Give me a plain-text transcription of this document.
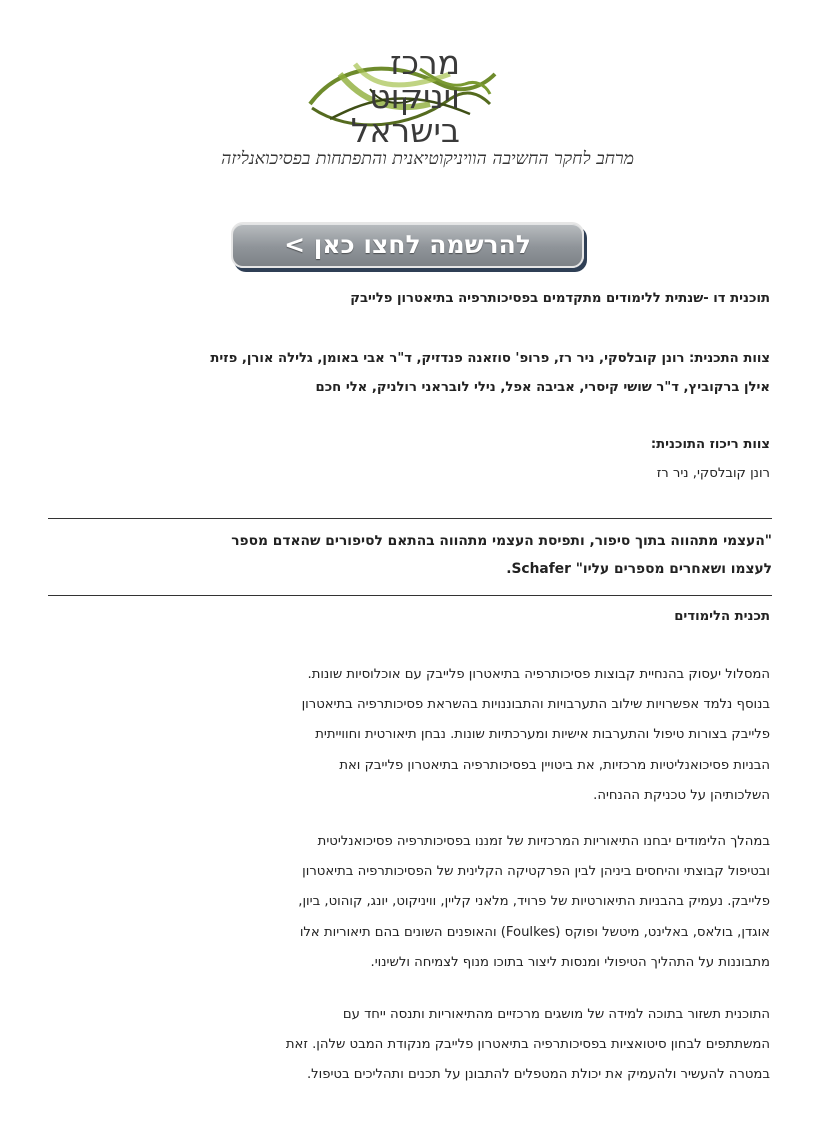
מרכז
ויניקוט
בישראל
מרחב לחקר החשיבה הוויניקוטיאנית והתפתחות בפסיכואנליזה
להרשמה לחצו כאן >
תוכנית דו -שנתית ללימודים מתקדמים בפסיכותרפיה בתיאטרון פלייבק
צוות התכנית: רונן קובלסקי, ניר רז, פרופ' סוזאנה פנדזיק, ד"ר אבי באומן, גלילה אורן, פזית
אילן ברקוביץ, ד"ר שושי קיסרי, אביבה אפל, נילי לובראני רולניק, אלי חכם
צוות ריכוז התוכנית:
רונן קובלסקי, ניר רז
"העצמי מתהווה בתוך סיפור, ותפיסת העצמי מתהווה בהתאם לסיפורים שהאדם מספר
לעצמו ושאחרים מספרים עליו" Schafer.
תכנית הלימודים
המסלול יעסוק בהנחיית קבוצות פסיכותרפיה בתיאטרון פלייבק עם אוכלוסיות שונות.
בנוסף נלמד אפשרויות שילוב התערבויות והתבוננויות בהשראת פסיכותרפיה בתיאטרון
פלייבק בצורות טיפול והתערבות אישיות ומערכתיות שונות. נבחן תיאורטית וחווייתית
הבניות פסיכואנליטיות מרכזיות, את ביטויין בפסיכותרפיה בתיאטרון פלייבק ואת
השלכותיהן על טכניקת ההנחיה.
במהלך הלימודים יבחנו התיאוריות המרכזיות של זמננו בפסיכותרפיה פסיכואנליטית
ובטיפול קבוצתי והיחסים ביניהן לבין הפרקטיקה הקלינית של הפסיכותרפיה בתיאטרון
פלייבק. נעמיק בהבניות התיאורטיות של פרויד, מלאני קליין, וויניקוט, יונג, קוהוט, ביון,
אוגדן, בולאס, באלינט, מיטשל ופוקס (Foulkes) והאופנים השונים בהם תיאוריות אלו
מתבוננות על התהליך הטיפולי ומנסות ליצור בתוכו מנוף לצמיחה ולשינוי.
התוכנית תשזור בתוכה למידה של מושגים מרכזיים מהתיאוריות ותנסה ייחד עם
המשתתפים לבחון סיטואציות בפסיכותרפיה בתיאטרון פלייבק מנקודת המבט שלהן. זאת
במטרה להעשיר ולהעמיק את יכולת המטפלים להתבונן על תכנים ותהליכים בטיפול.
